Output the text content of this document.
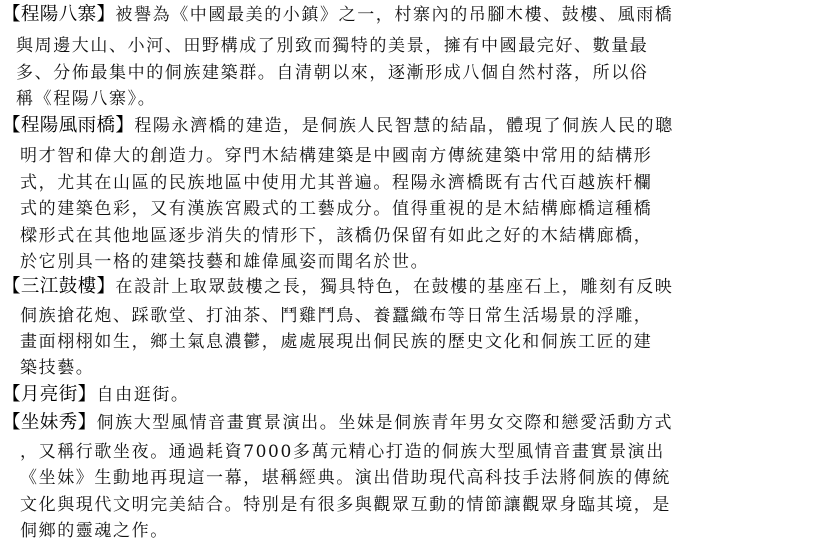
【程陽八寨】被譽為《中國最美的小鎮》之一，村寨內的吊腳木樓、鼓樓、風雨橋
與周邊大山、小河、田野構成了別致而獨特的美景，擁有中國最完好、數量最
多、分佈最集中的侗族建築群。自清朝以來，逐漸形成八個自然村落，所以俗
稱《程陽八寨》。
【程陽風雨橋】程陽永濟橋的建造，是侗族人民智慧的結晶，體現了侗族人民的聰
明才智和偉大的創造力。穿門木結構建築是中國南方傳統建築中常用的結構形
式，尤其在山區的民族地區中使用尤其普遍。程陽永濟橋既有古代百越族杆欄
式的建築色彩，又有漢族宮殿式的工藝成分。值得重視的是木結構廊橋這種橋
樑形式在其他地區逐步消失的情形下，該橋仍保留有如此之好的木結構廊橋，
於它別具一格的建築技藝和雄偉風姿而聞名於世。
【三江鼓樓】在設計上取眾鼓樓之長，獨具特色，在鼓樓的基座石上，雕刻有反映
侗族搶花炮、踩歌堂、打油茶、鬥雞鬥鳥、養蠶織布等日常生活場景的浮雕，
畫面栩栩如生，鄉土氣息濃鬱，處處展現出侗民族的歷史文化和侗族工匠的建
築技藝。
【月亮街】自由逛街。
【坐妹秀】侗族大型風情音畫實景演出。坐妹是侗族青年男女交際和戀愛活動方式
，又稱行歌坐夜。通過耗資7000多萬元精心打造的侗族大型風情音畫實景演出
《坐妹》生動地再現這一幕，堪稱經典。演出借助現代高科技手法將侗族的傳統
文化與現代文明完美結合。特別是有很多與觀眾互動的情節讓觀眾身臨其境，是
侗鄉的靈魂之作。
